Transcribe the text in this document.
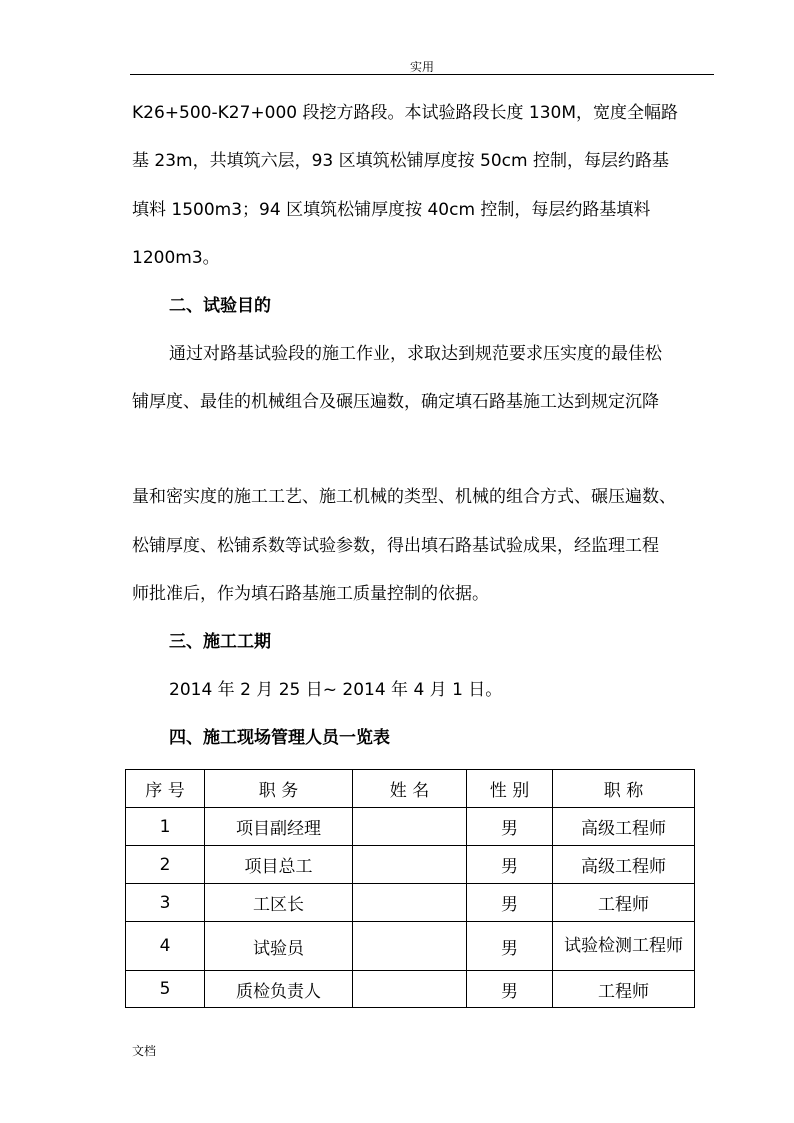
实用
K26+500-K27+000 段挖方路段。本试验路段长度 130M，宽度全幅路
基 23m，共填筑六层，93 区填筑松铺厚度按 50cm 控制，每层约路基
填料 1500m3；94 区填筑松铺厚度按 40cm 控制，每层约路基填料
1200m3。
二、试验目的
通过对路基试验段的施工作业，求取达到规范要求压实度的最佳松
铺厚度、最佳的机械组合及碾压遍数，确定填石路基施工达到规定沉降
量和密实度的施工工艺、施工机械的类型、机械的组合方式、碾压遍数、
松铺厚度、松铺系数等试验参数，得出填石路基试验成果，经监理工程
师批准后，作为填石路基施工质量控制的依据。
三、施工工期
2014 年 2 月 25 日~ 2014 年 4 月 1 日。
四、施工现场管理人员一览表
序 号	职 务	姓 名	性 别	职 称
1	项目副经理		男	高级工程师
2	项目总工		男	高级工程师
3	工区长		男	工程师
4	试验员		男	试验检测工程师
5	质检负责人		男	工程师
文档
